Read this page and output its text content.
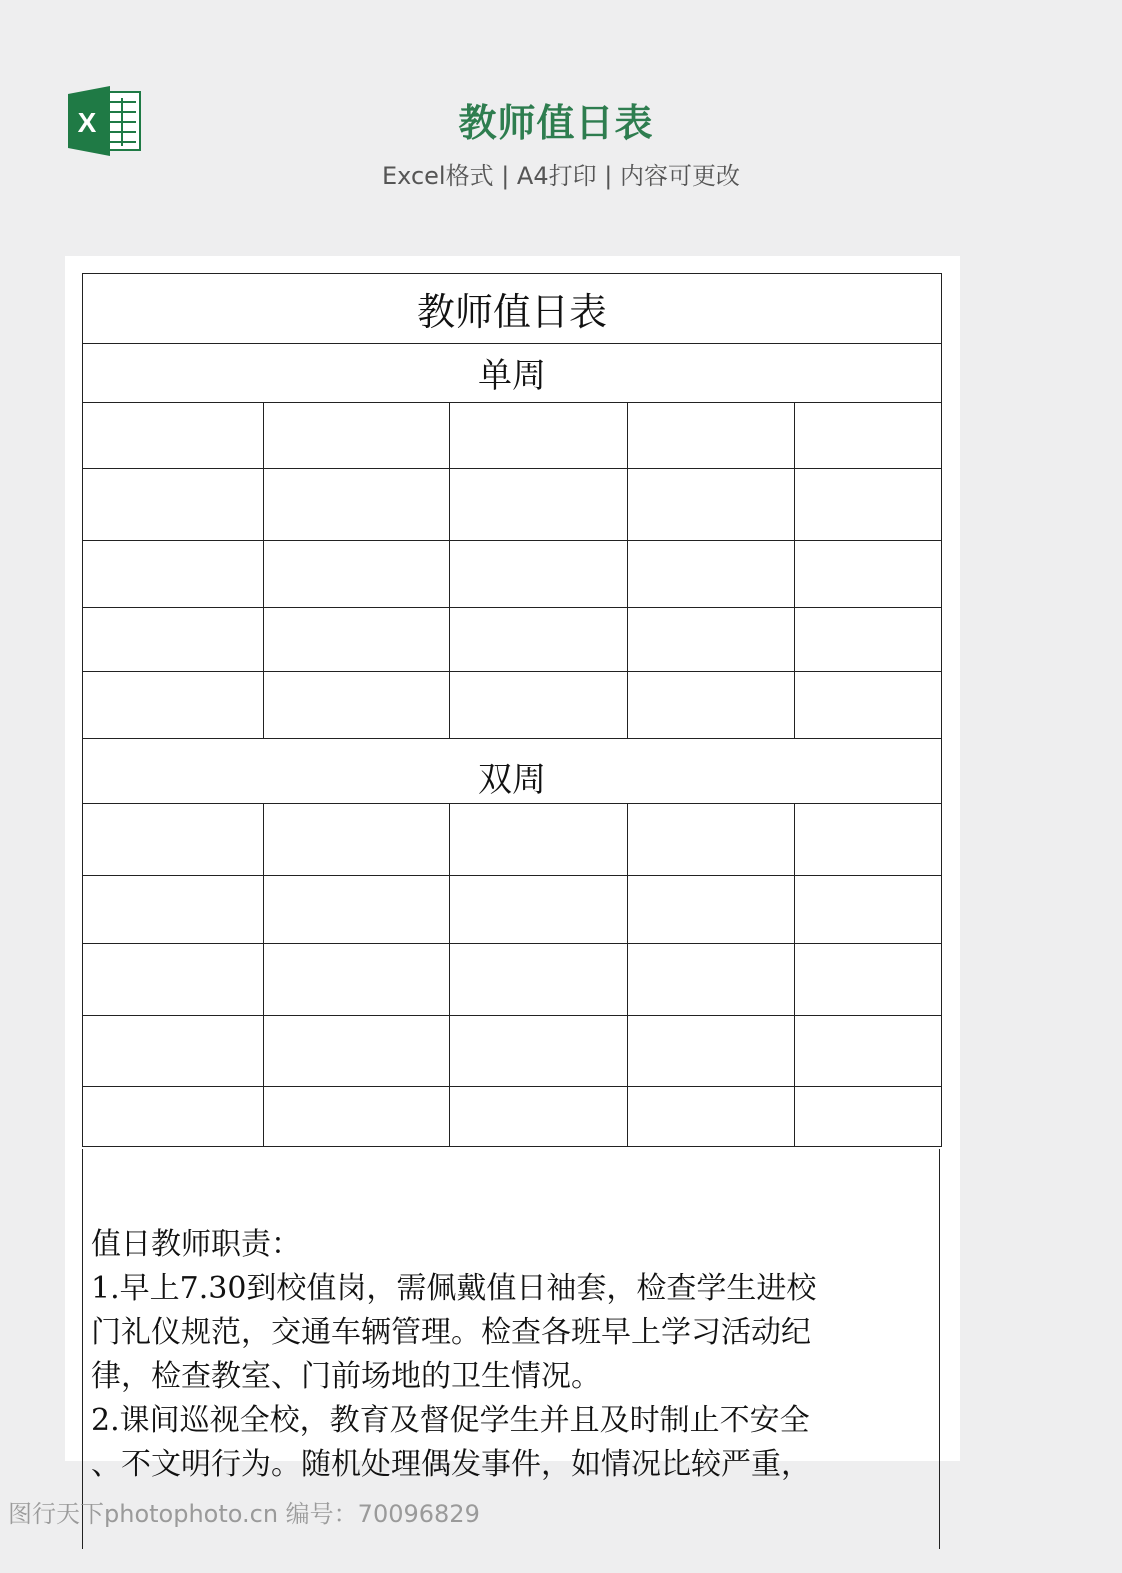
X	教师值日表
Excel格式 | A4打印 | 内容可更改
教师值日表
单周
双周

值日教师职责：

1.早上7.30到校值岗，需佩戴值日袖套，检查学生进校

门礼仪规范，交通车辆管理。检查各班早上学习活动纪

律，检查教室、门前场地的卫生情况。

2.课间巡视全校，教育及督促学生并且及时制止不安全

、不文明行为。随机处理偶发事件，如情况比较严重，

图行天下photophoto.cn 编号：70096829
